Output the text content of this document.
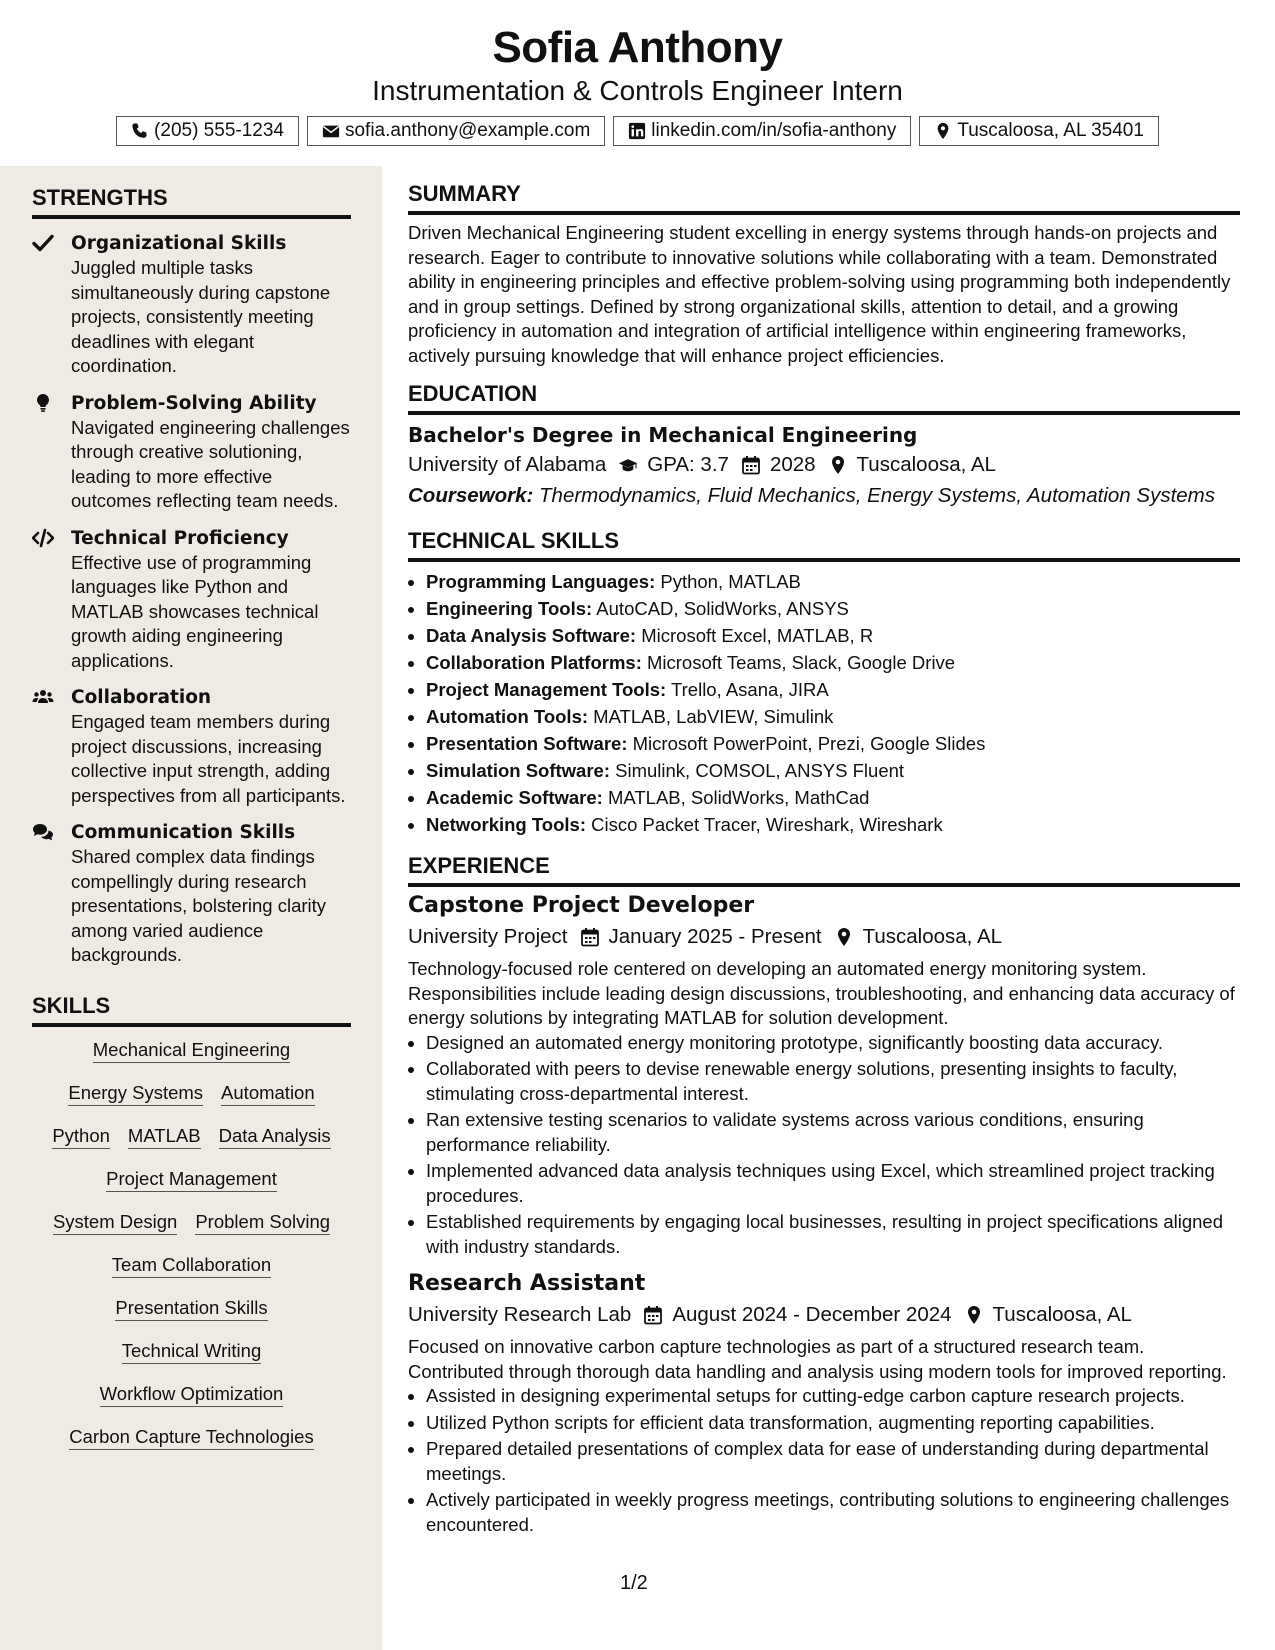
Sofia Anthony
Instrumentation & Controls Engineer Intern
(205) 555-1234	sofia.anthony@example.com	linkedin.com/in/sofia-anthony	Tuscaloosa, AL 35401
STRENGTHS
Organizational Skills
Juggled multiple tasks simultaneously during capstone projects, consistently meeting deadlines with elegant coordination.
Problem-Solving Ability
Navigated engineering challenges through creative solutioning, leading to more effective outcomes reflecting team needs.
Technical Proficiency
Effective use of programming languages like Python and MATLAB showcases technical growth aiding engineering applications.
Collaboration
Engaged team members during project discussions, increasing collective input strength, adding perspectives from all participants.
Communication Skills
Shared complex data findings compellingly during research presentations, bolstering clarity among varied audience backgrounds.
SKILLS
Mechanical Engineering
Energy Systems Automation
Python MATLAB Data Analysis
Project Management
System Design Problem Solving
Team Collaboration
Presentation Skills
Technical Writing
Workflow Optimization
Carbon Capture Technologies
SUMMARY

Driven Mechanical Engineering student excelling in energy systems through hands-on projects and research. Eager to contribute to innovative solutions while collaborating with a team. Demonstrated ability in engineering principles and effective problem-solving using programming both independently and in group settings. Defined by strong organizational skills, attention to detail, and a growing proficiency in automation and integration of artificial intelligence within engineering frameworks, actively pursuing knowledge that will enhance project efficiencies.

EDUCATION
Bachelor's Degree in Mechanical Engineering
University of Alabama GPA: 3.7 2028 Tuscaloosa, AL
Coursework: Thermodynamics, Fluid Mechanics, Energy Systems, Automation Systems
TECHNICAL SKILLS
• Programming Languages: Python, MATLAB
• Engineering Tools: AutoCAD, SolidWorks, ANSYS
• Data Analysis Software: Microsoft Excel, MATLAB, R
• Collaboration Platforms: Microsoft Teams, Slack, Google Drive
• Project Management Tools: Trello, Asana, JIRA
• Automation Tools: MATLAB, LabVIEW, Simulink
• Presentation Software: Microsoft PowerPoint, Prezi, Google Slides
• Simulation Software: Simulink, COMSOL, ANSYS Fluent
• Academic Software: MATLAB, SolidWorks, MathCad
• Networking Tools: Cisco Packet Tracer, Wireshark, Wireshark
EXPERIENCE
Capstone Project Developer
University Project January 2025 - Present Tuscaloosa, AL

Technology-focused role centered on developing an automated energy monitoring system. Responsibilities include leading design discussions, troubleshooting, and enhancing data accuracy of energy solutions by integrating MATLAB for solution development.

• Designed an automated energy monitoring prototype, significantly boosting data accuracy.
• Collaborated with peers to devise renewable energy solutions, presenting insights to faculty, stimulating cross-departmental interest.
• Ran extensive testing scenarios to validate systems across various conditions, ensuring performance reliability.
• Implemented advanced data analysis techniques using Excel, which streamlined project tracking procedures.
• Established requirements by engaging local businesses, resulting in project specifications aligned with industry standards.
Research Assistant
University Research Lab August 2024 - December 2024 Tuscaloosa, AL

Focused on innovative carbon capture technologies as part of a structured research team. Contributed through thorough data handling and analysis using modern tools for improved reporting.

• Assisted in designing experimental setups for cutting-edge carbon capture research projects.
• Utilized Python scripts for efficient data transformation, augmenting reporting capabilities.
• Prepared detailed presentations of complex data for ease of understanding during departmental meetings.
• Actively participated in weekly progress meetings, contributing solutions to engineering challenges encountered.
1/2
